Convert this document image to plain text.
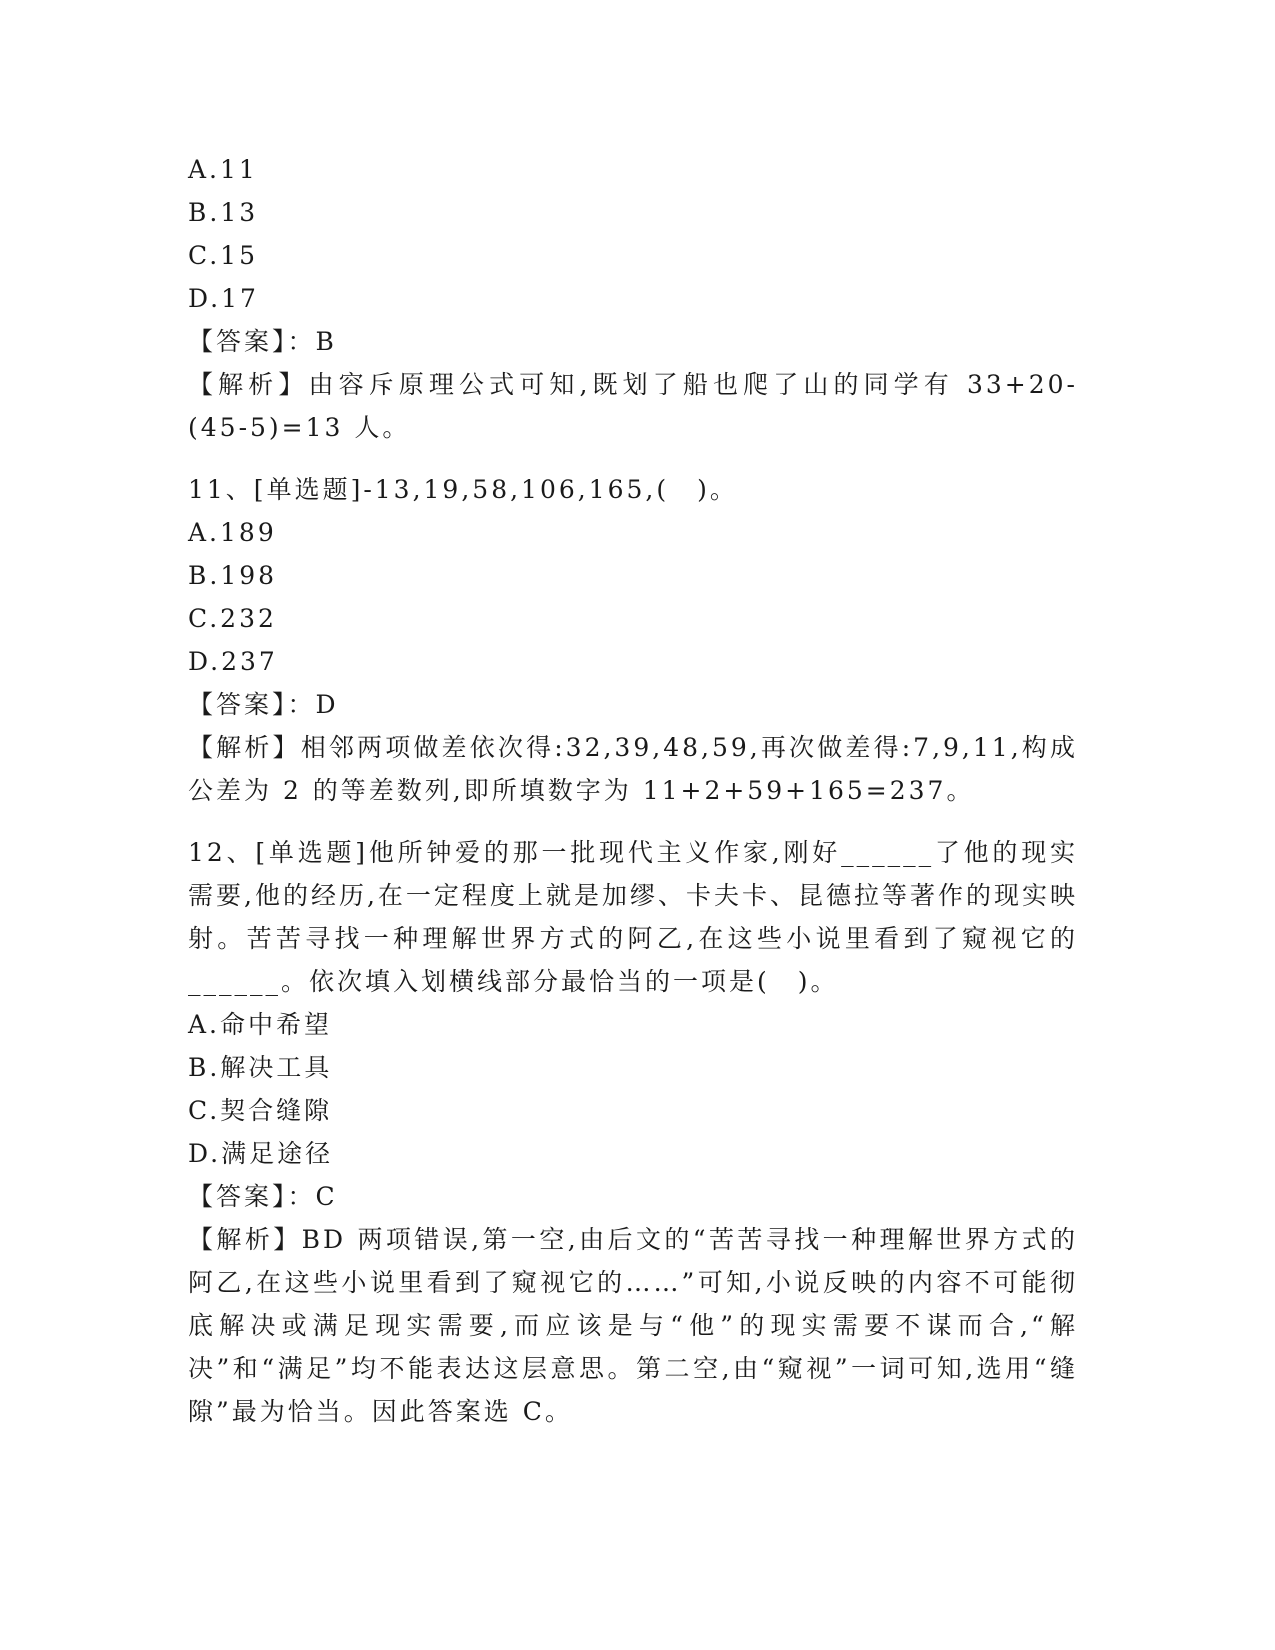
A.11

B.13

C.15

D.17

【答案】：B

【解析】由容斥原理公式可知,既划了船也爬了山的同学有 33+20-(45-5)=13 人。

11、[单选题]-13,19,58,106,165,(　)。

A.189

B.198

C.232

D.237

【答案】：D

【解析】相邻两项做差依次得:32,39,48,59,再次做差得:7,9,11,构成公差为 2 的等差数列,即所填数字为 11+2+59+165=237。

12、[单选题]他所钟爱的那一批现代主义作家,刚好______了他的现实需要,他的经历,在一定程度上就是加缪、卡夫卡、昆德拉等著作的现实映射。苦苦寻找一种理解世界方式的阿乙,在这些小说里看到了窥视它的______。依次填入划横线部分最恰当的一项是(　)。

A.命中希望

B.解决工具

C.契合缝隙

D.满足途径

【答案】：C

【解析】BD 两项错误,第一空,由后文的“苦苦寻找一种理解世界方式的阿乙,在这些小说里看到了窥视它的……”可知,小说反映的内容不可能彻底解决或满足现实需要,而应该是与“他”的现实需要不谋而合,“解决”和“满足”均不能表达这层意思。第二空,由“窥视”一词可知,选用“缝隙”最为恰当。因此答案选 C。
